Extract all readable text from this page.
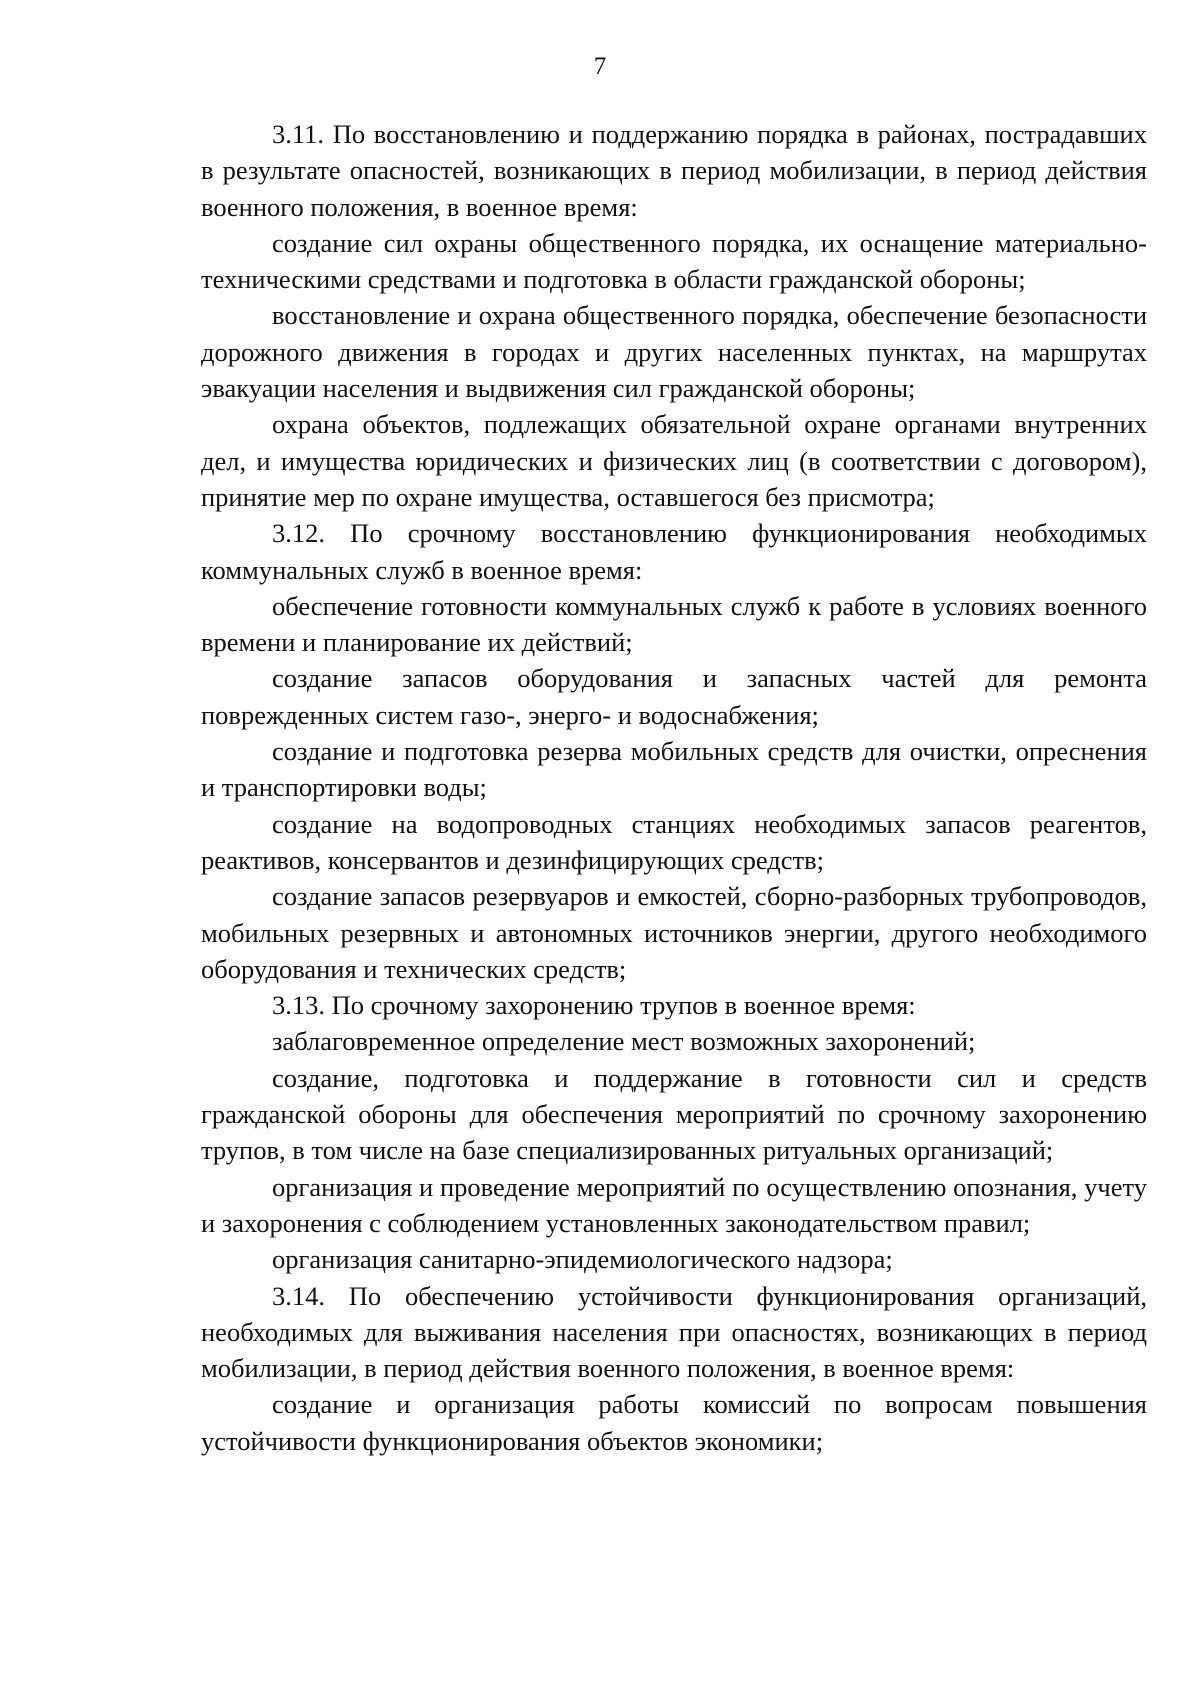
7

3.11. По восстановлению и поддержанию порядка в районах, пострадавших в результате опасностей, возникающих в период мобилизации, в период действия военного положения, в военное время:

создание сил охраны общественного порядка, их оснащение материально-техническими средствами и подготовка в области гражданской обороны;

восстановление и охрана общественного порядка, обеспечение безопасности дорожного движения в городах и других населенных пунктах, на маршрутах эвакуации населения и выдвижения сил гражданской обороны;

охрана объектов, подлежащих обязательной охране органами внутренних дел, и имущества юридических и физических лиц (в соответствии с договором), принятие мер по охране имущества, оставшегося без присмотра;

3.12. По срочному восстановлению функционирования необходимых коммунальных служб в военное время:

обеспечение готовности коммунальных служб к работе в условиях военного времени и планирование их действий;

создание запасов оборудования и запасных частей для ремонта поврежденных систем газо-, энерго- и водоснабжения;

создание и подготовка резерва мобильных средств для очистки, опреснения и транспортировки воды;

создание на водопроводных станциях необходимых запасов реагентов, реактивов, консервантов и дезинфицирующих средств;

создание запасов резервуаров и емкостей, сборно-разборных трубопроводов, мобильных резервных и автономных источников энергии, другого необходимого оборудования и технических средств;

3.13. По срочному захоронению трупов в военное время:

заблаговременное определение мест возможных захоронений;

создание, подготовка и поддержание в готовности сил и средств гражданской обороны для обеспечения мероприятий по срочному захоронению трупов, в том числе на базе специализированных ритуальных организаций;

организация и проведение мероприятий по осуществлению опознания, учету и захоронения с соблюдением установленных законодательством правил;

организация санитарно-эпидемиологического надзора;

3.14. По обеспечению устойчивости функционирования организаций, необходимых для выживания населения при опасностях, возникающих в период мобилизации, в период действия военного положения, в военное время:

создание и организация работы комиссий по вопросам повышения устойчивости функционирования объектов экономики;
